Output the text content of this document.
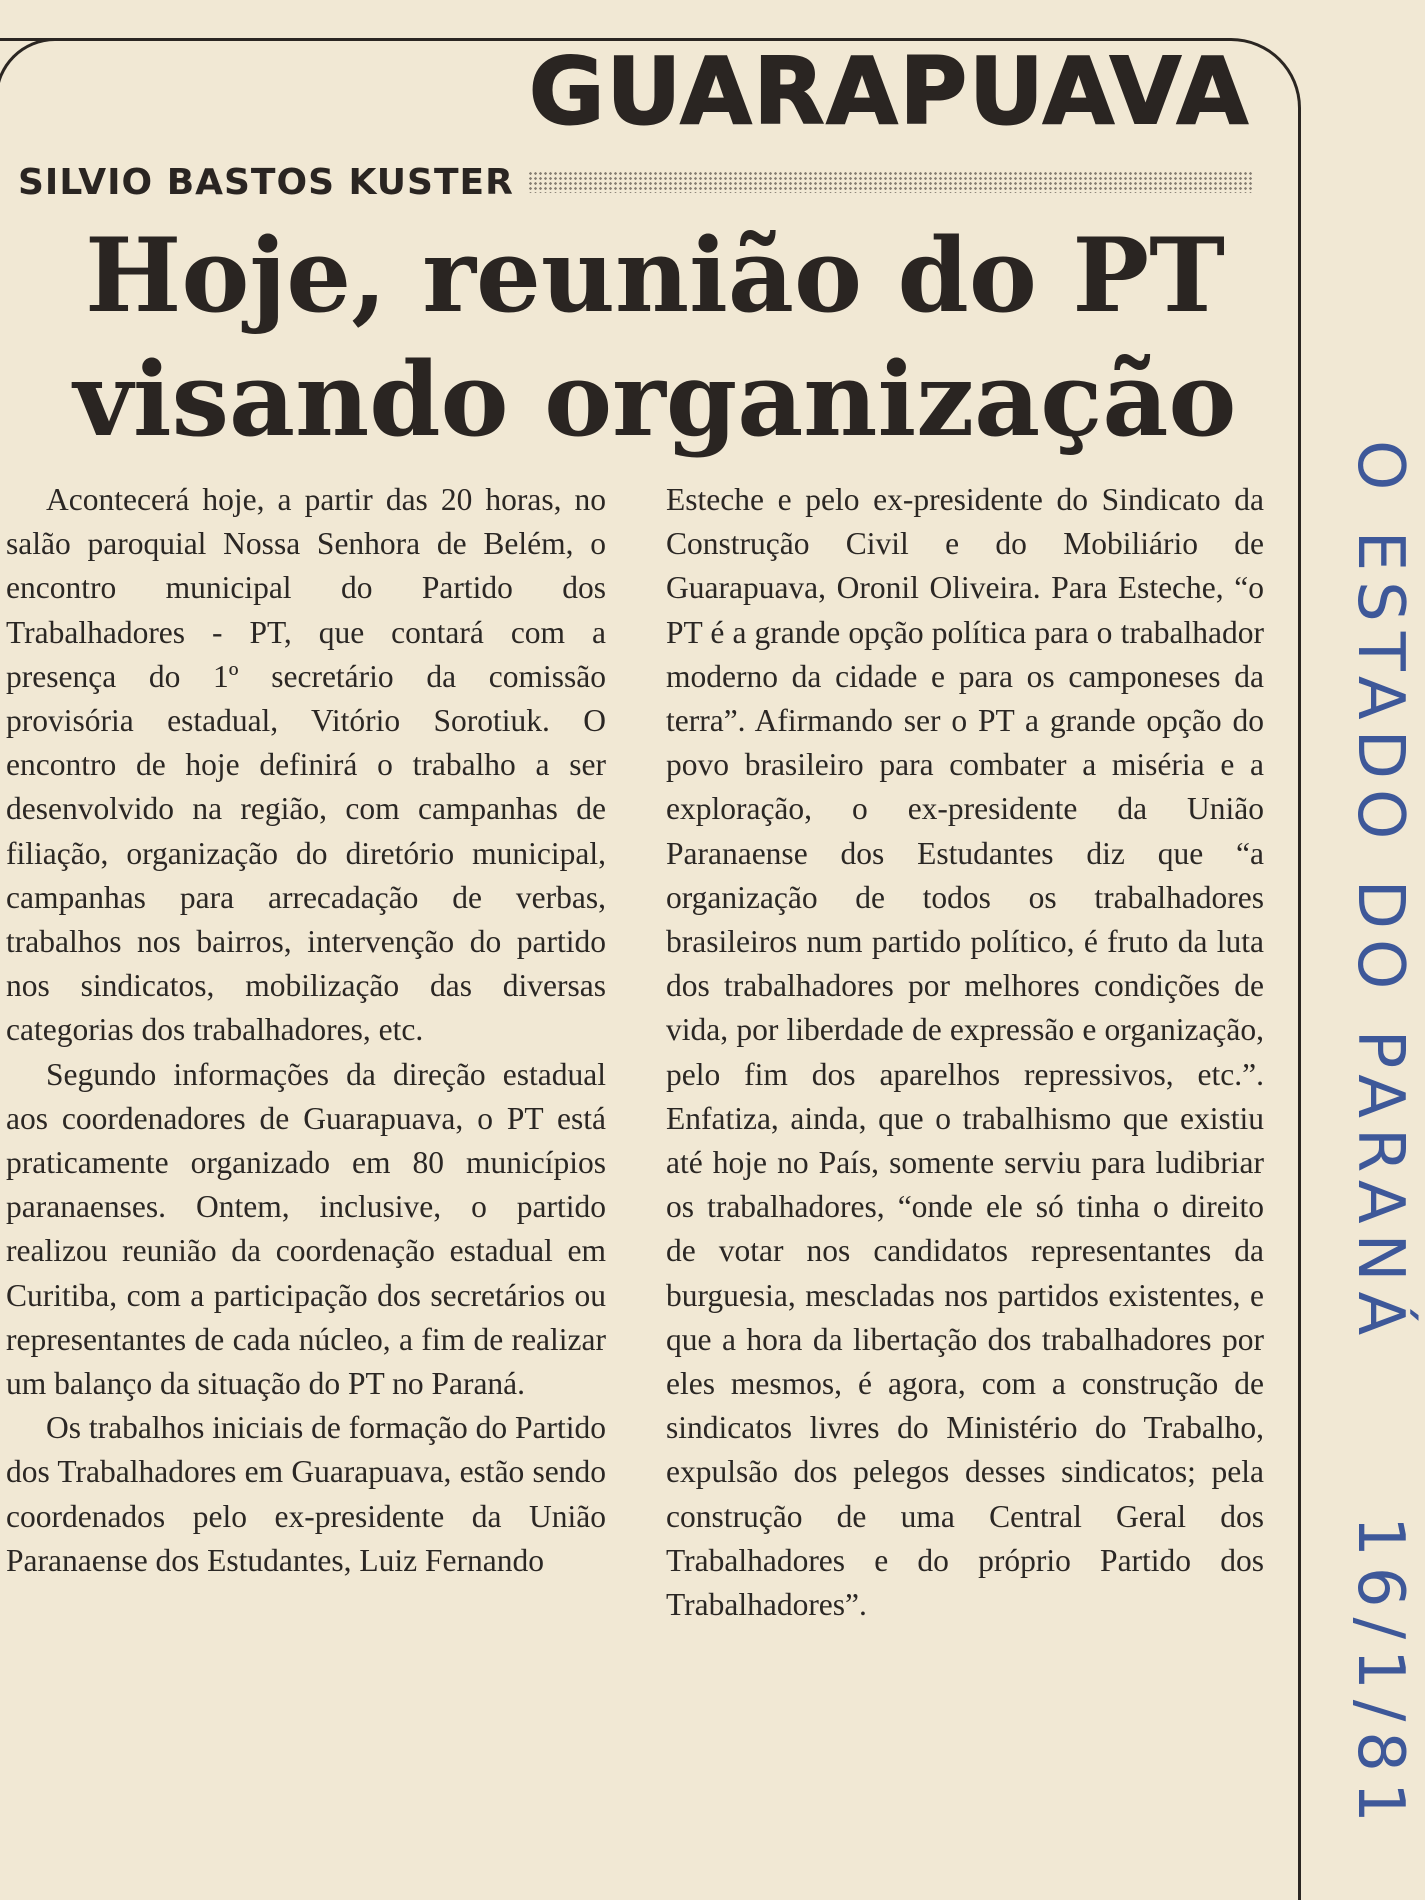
GUARAPUAVA
SILVIO BASTOS KUSTER
Hoje, reunião do PT
visando organização

Acontecerá hoje, a partir das 20 horas, no salão paroquial Nossa Senhora de Belém, o encontro municipal do Partido dos Trabalhadores - PT, que contará com a presença do 1º secretário da comissão provisória estadual, Vitório Sorotiuk. O encontro de hoje definirá o trabalho a ser desenvolvido na região, com campanhas de filiação, organização do diretório municipal, campanhas para arrecadação de verbas, trabalhos nos bairros, intervenção do partido nos sindicatos, mobilização das diversas categorias dos trabalhadores, etc.

Segundo informações da direção estadual aos coordenadores de Guarapuava, o PT está praticamente organizado em 80 municípios paranaenses. Ontem, inclusive, o partido realizou reunião da coordenação estadual em Curitiba, com a participação dos secretários ou representantes de cada núcleo, a fim de realizar um balanço da situação do PT no Paraná.

Os trabalhos iniciais de formação do Partido dos Trabalhadores em Guarapuava, estão sendo coordenados pelo ex-presidente da União Paranaense dos Estudantes, Luiz Fernando

Esteche e pelo ex-presidente do Sindicato da Construção Civil e do Mobiliário de Guarapuava, Oronil Oliveira. Para Esteche, “o PT é a grande opção política para o trabalhador moderno da cidade e para os camponeses da terra”. Afirmando ser o PT a grande opção do povo brasileiro para combater a miséria e a exploração, o ex-presidente da União Paranaense dos Estudantes diz que “a organização de todos os trabalhadores brasileiros num partido político, é fruto da luta dos trabalhadores por melhores condições de vida, por liberdade de expressão e organização, pelo fim dos aparelhos repressivos, etc.”. Enfatiza, ainda, que o trabalhismo que existiu até hoje no País, somente serviu para ludibriar os trabalhadores, “onde ele só tinha o direito de votar nos candidatos representantes da burguesia, mescladas nos partidos existentes, e que a hora da libertação dos trabalhadores por eles mesmos, é agora, com a construção de sindicatos livres do Ministério do Trabalho, expulsão dos pelegos desses sindicatos; pela construção de uma Central Geral dos Trabalhadores e do próprio Partido dos Trabalhadores”.

O ESTADO DO PARANÁ  16/1/81
